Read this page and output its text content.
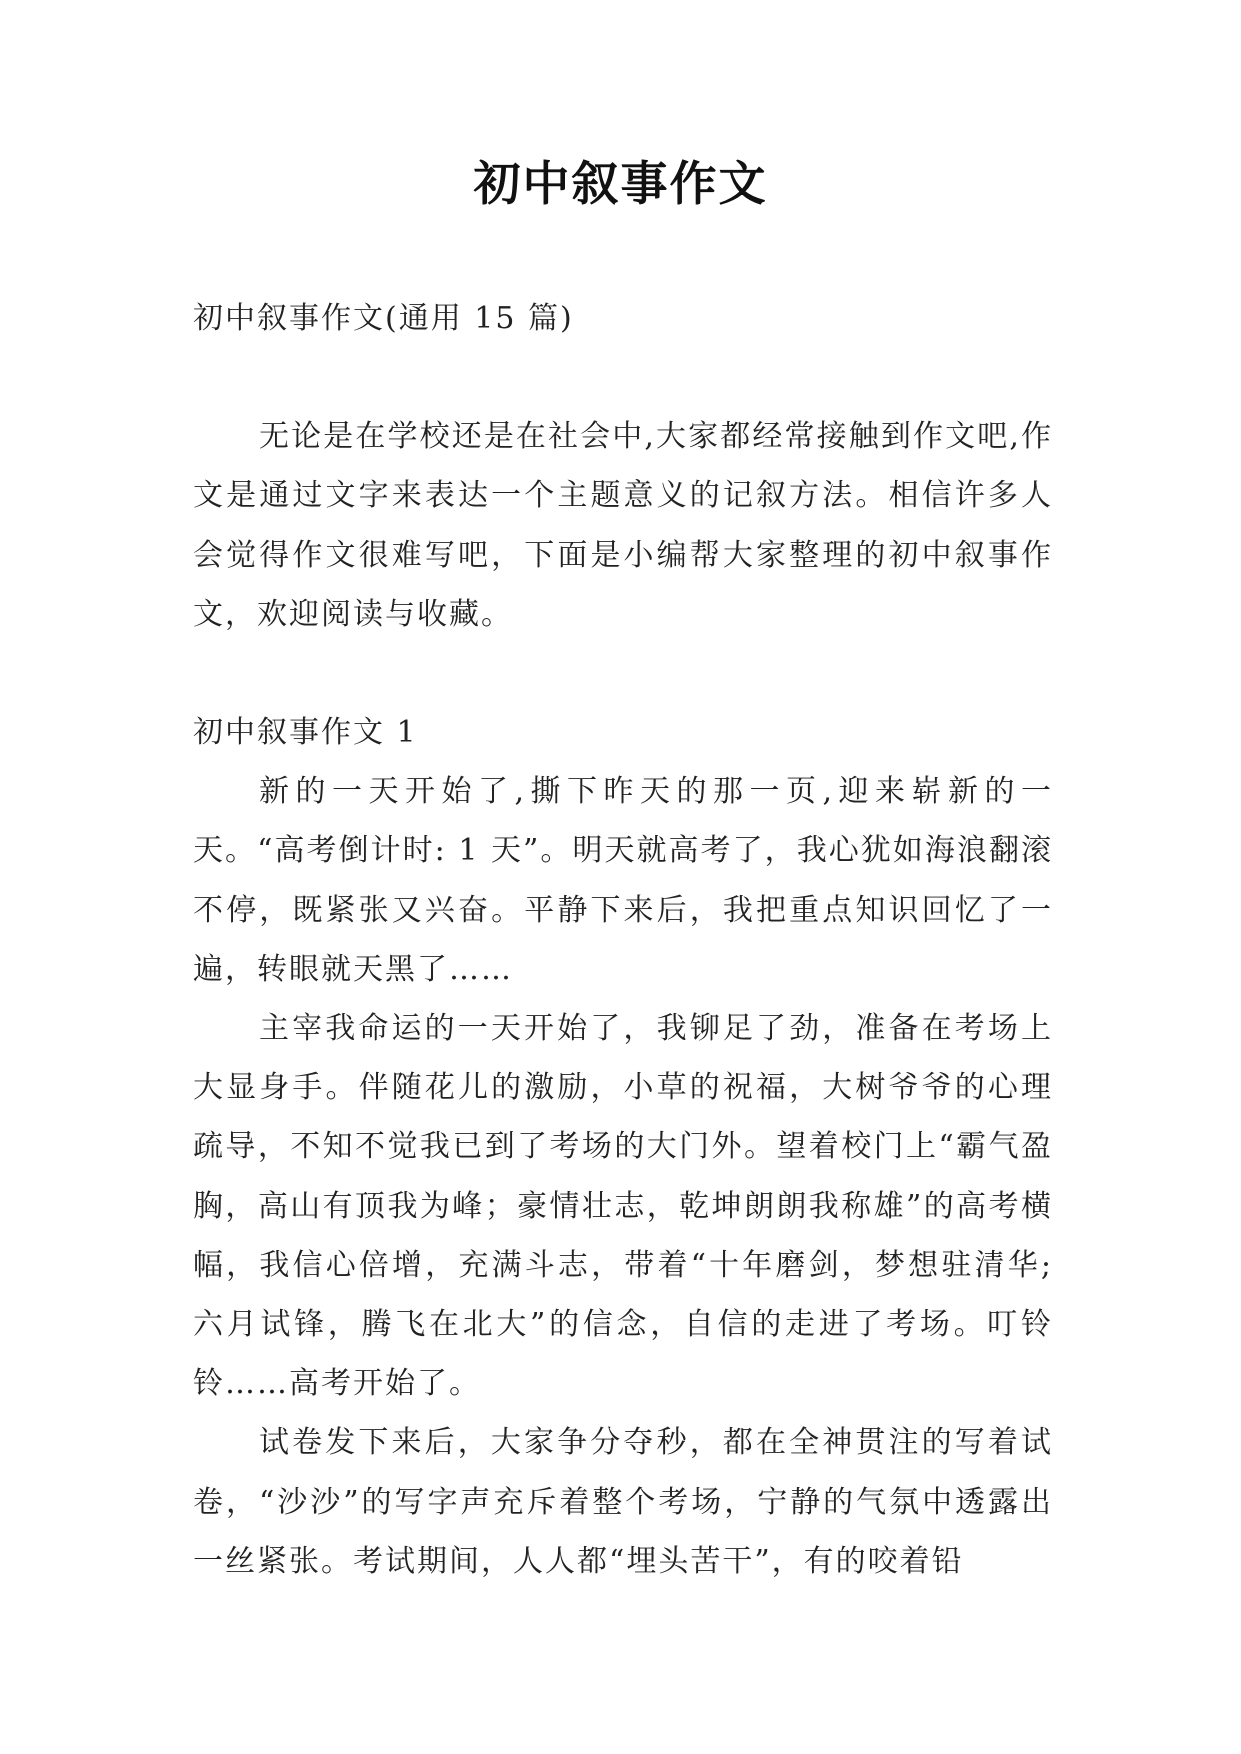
初中叙事作文

初中叙事作文(通用 15 篇)

无论是在学校还是在社会中,大家都经常接触到作文吧,作文是通过文字来表达一个主题意义的记叙方法。相信许多人会觉得作文很难写吧，下面是小编帮大家整理的初中叙事作文，欢迎阅读与收藏。

初中叙事作文 1

新的一天开始了,撕下昨天的那一页,迎来崭新的一天。“高考倒计时: 1 天”。明天就高考了，我心犹如海浪翻滚不停，既紧张又兴奋。平静下来后，我把重点知识回忆了一遍，转眼就天黑了……

主宰我命运的一天开始了，我铆足了劲，准备在考场上大显身手。伴随花儿的激励，小草的祝福，大树爷爷的心理疏导，不知不觉我已到了考场的大门外。望着校门上“霸气盈胸，高山有顶我为峰；豪情壮志，乾坤朗朗我称雄”的高考横幅，我信心倍增，充满斗志，带着“十年磨剑，梦想驻清华; 六月试锋，腾飞在北大”的信念，自信的走进了考场。叮铃铃……高考开始了。

试卷发下来后，大家争分夺秒，都在全神贯注的写着试卷，“沙沙”的写字声充斥着整个考场，宁静的气氛中透露出一丝紧张。考试期间，人人都“埋头苦干”，有的咬着铅
